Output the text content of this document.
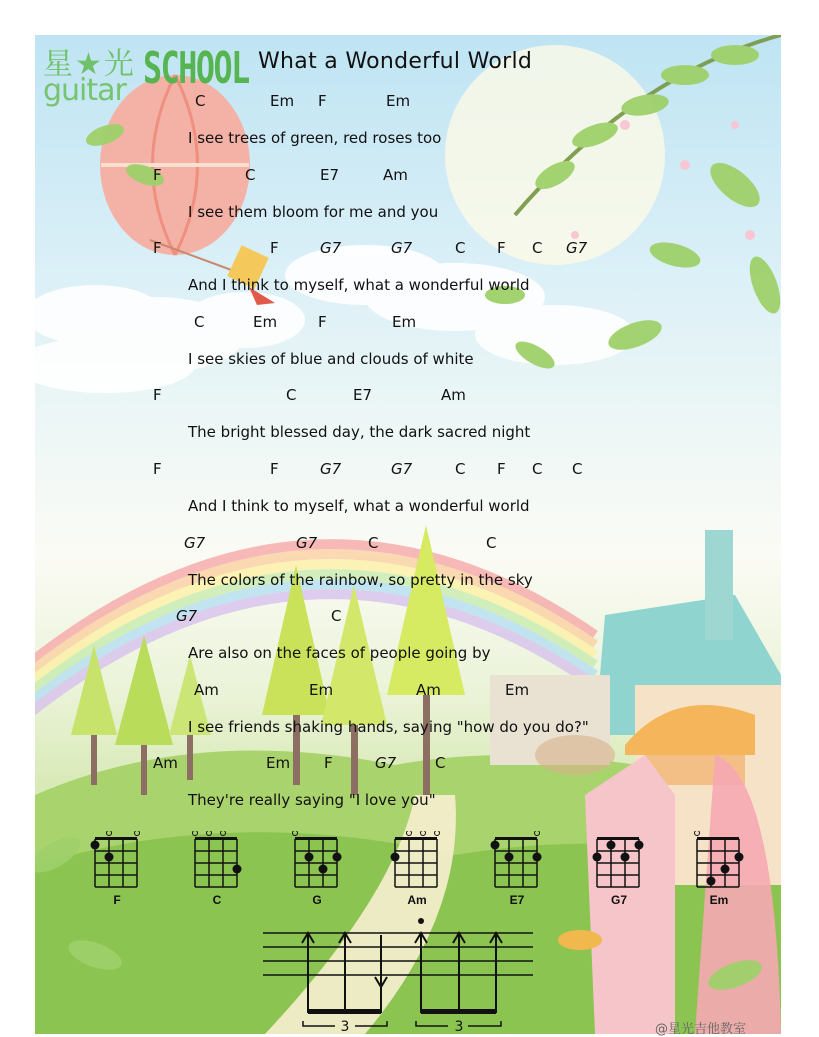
星★光
guitar SCHOOL What a Wonderful World
C	Em F	Em
I see trees of green, red roses too
F	C	E7	Am
I see them bloom for me and you
F	F	G7	G7	C F C G7
And I think to myself, what a wonderful world
C	Em	F	Em
I see skies of blue and clouds of white
F	C	E7	Am
The bright blessed day, the dark sacred night
F	F	G7	G7	C F C C
And I think to myself, what a wonderful world
G7	G7	C	C
The colors of the rainbow, so pretty in the sky
G7	C
Are also on the faces of people going by
Am	Em	Am	Em
I see friends shaking hands, saying "how do you do?"
Am	Em F	G7	C
They're really saying "I love you"
F	C	G	Am	E7	G7	Em
3	3	@星光吉他教室
